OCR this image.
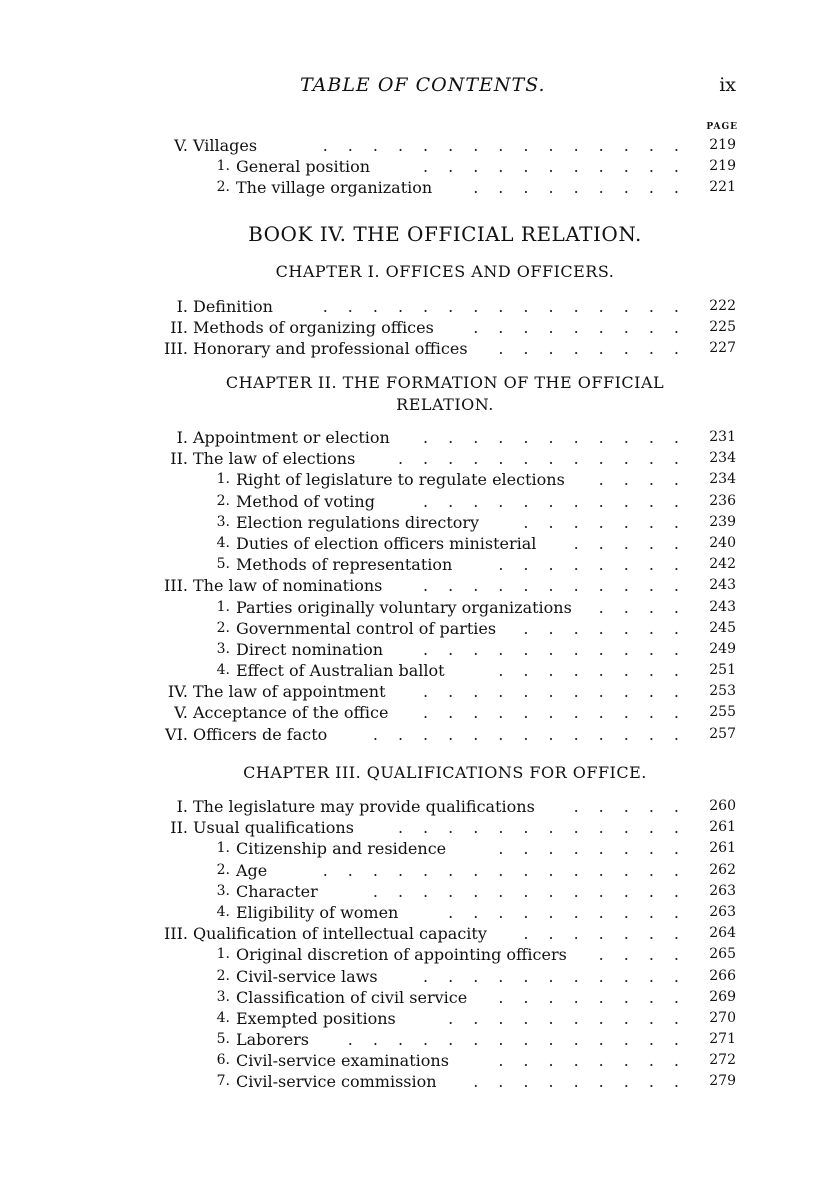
TABLE OF CONTENTS.	ix
PAGE
V. Villages	............... 219
1. General position	........... 219
2. The village organization	......... 221
BOOK IV. THE OFFICIAL RELATION.
CHAPTER I. OFFICES AND OFFICERS.
I. Definition	............... 222
II. Methods of organizing offices	......... 225
III. Honorary and professional offices	........ 227
CHAPTER II. THE FORMATION OF THE OFFICIAL
RELATION.
I. Appointment or election	........... 231
II. The law of elections	............ 234
1. Right of legislature to regulate elections	.... 234
2. Method of voting	........... 236
3. Election regulations directory	....... 239
4. Duties of election officers ministerial	..... 240
5. Methods of representation	........ 242
III. The law of nominations	........... 243
1. Parties originally voluntary organizations	.... 243
2. Governmental control of parties	....... 245
3. Direct nomination	........... 249
4. Effect of Australian ballot	........ 251
IV. The law of appointment	........... 253
V. Acceptance of the office	........... 255
VI. Officers de facto	............. 257
CHAPTER III. QUALIFICATIONS FOR OFFICE.
I. The legislature may provide qualifications	..... 260
II. Usual qualifications	............ 261
1. Citizenship and residence	........ 261
2. Age	............... 262
3. Character	............. 263
4. Eligibility of women	.......... 263
III. Qualification of intellectual capacity	....... 264
1. Original discretion of appointing officers	.... 265
2. Civil-service laws	........... 266
3. Classification of civil service	........ 269
4. Exempted positions	.......... 270
5. Laborers	.............. 271
6. Civil-service examinations	........ 272
7. Civil-service commission	......... 279
